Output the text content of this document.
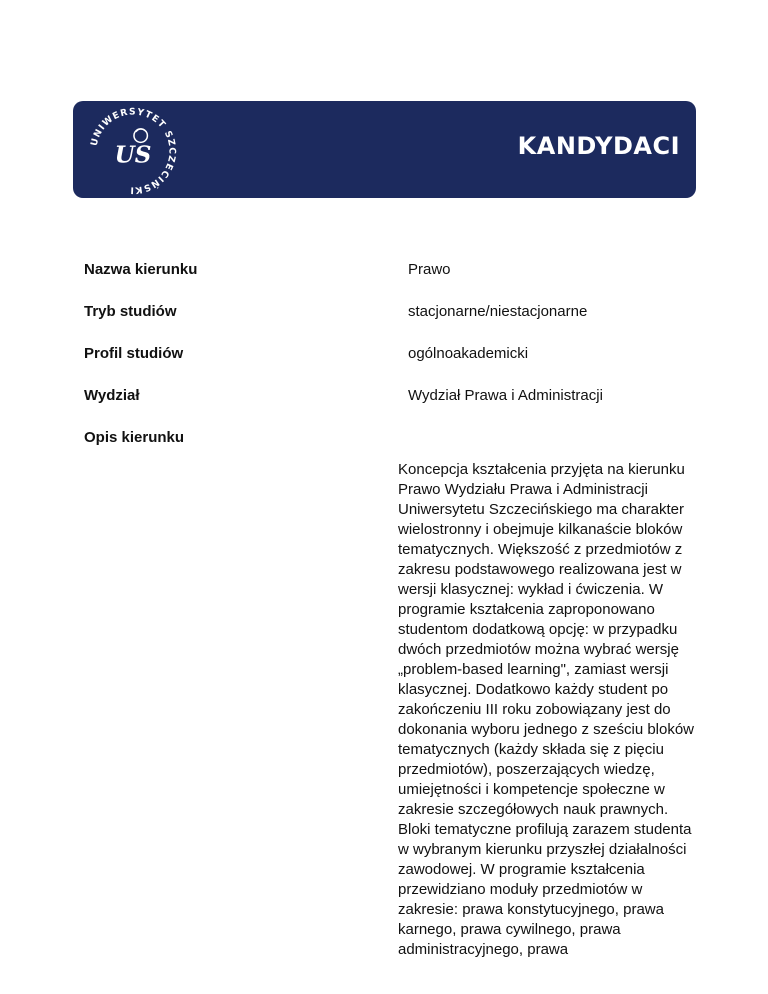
UNIWERSYTET SZCZECIŃSKI
US	KANDYDACI
Nazwa kierunku	Prawo
Tryb studiów	stacjonarne/niestacjonarne
Profil studiów	ogólnoakademicki
Wydział	Wydział Prawa i Administracji
Opis kierunku
Koncepcja kształcenia przyjęta na kierunku
Prawo Wydziału Prawa i Administracji
Uniwersytetu Szczecińskiego ma charakter
wielostronny i obejmuje kilkanaście bloków
tematycznych. Większość z przedmiotów z
zakresu podstawowego realizowana jest w
wersji klasycznej: wykład i ćwiczenia. W
programie kształcenia zaproponowano
studentom dodatkową opcję: w przypadku
dwóch przedmiotów można wybrać wersję
„problem-based learning", zamiast wersji
klasycznej. Dodatkowo każdy student po
zakończeniu III roku zobowiązany jest do
dokonania wyboru jednego z sześciu bloków
tematycznych (każdy składa się z pięciu
przedmiotów), poszerzających wiedzę,
umiejętności i kompetencje społeczne w
zakresie szczegółowych nauk prawnych.
Bloki tematyczne profilują zarazem studenta
w wybranym kierunku przyszłej działalności
zawodowej. W programie kształcenia
przewidziano moduły przedmiotów w
zakresie: prawa konstytucyjnego, prawa
karnego, prawa cywilnego, prawa
administracyjnego, prawa
